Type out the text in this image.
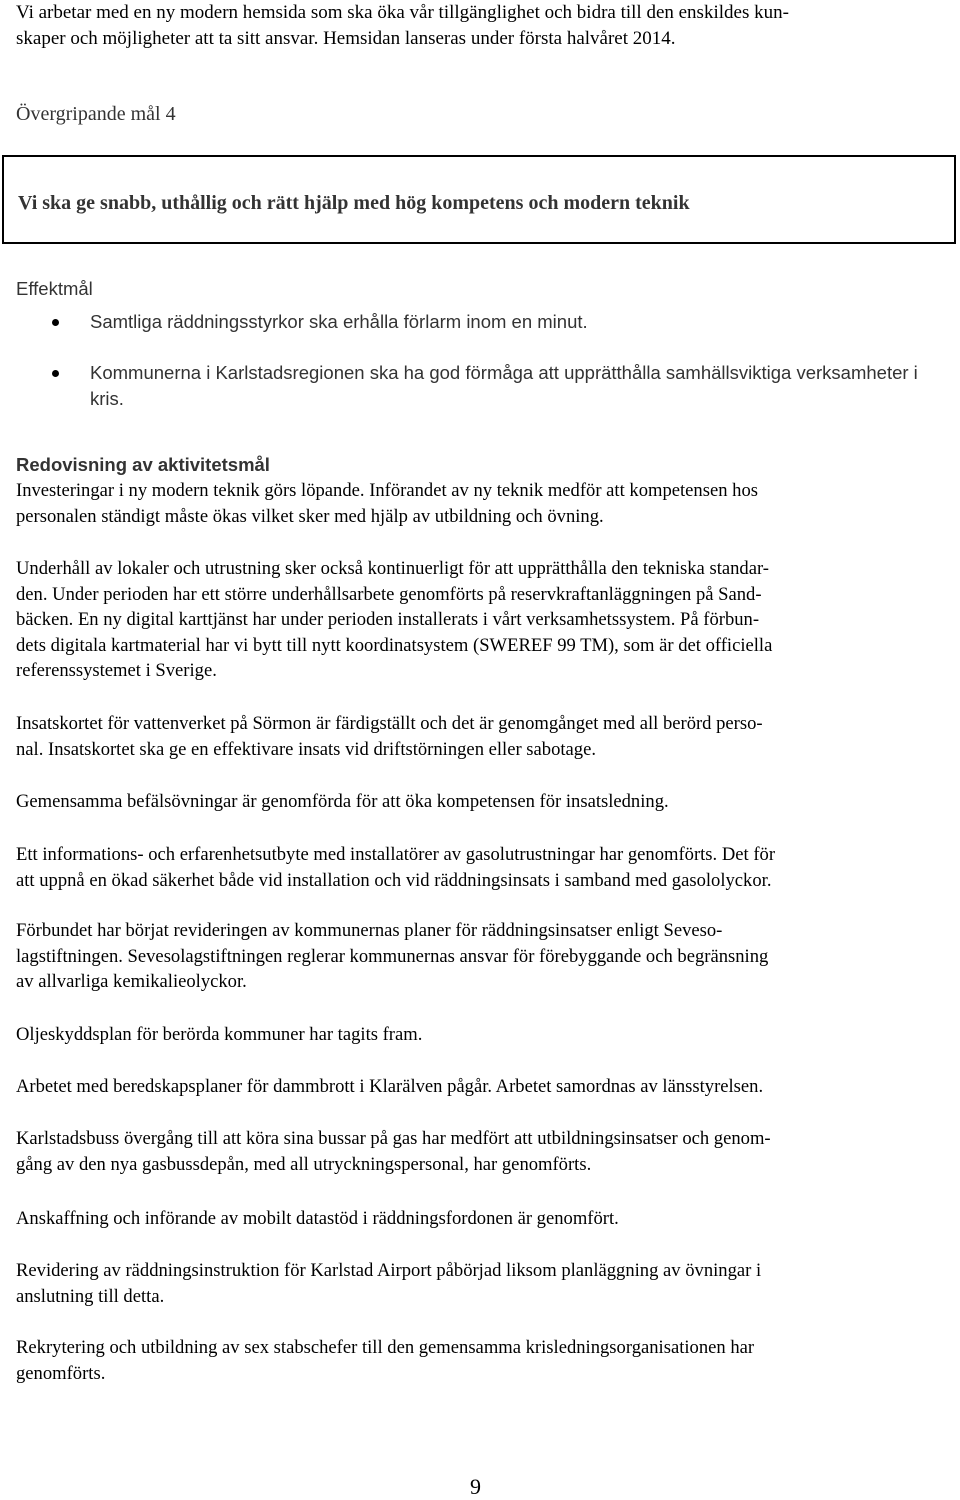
Vi arbetar med en ny modern hemsida som ska öka vår tillgänglighet och bidra till den enskildes kun-

skaper och möjligheter att ta sitt ansvar. Hemsidan lanseras under första halvåret 2014.

Övergripande mål 4
Vi ska ge snabb, uthållig och rätt hjälp med hög kompetens och modern teknik
Effektmål
Samtliga räddningsstyrkor ska erhålla förlarm inom en minut.
Kommunerna i Karlstadsregionen ska ha god förmåga att upprätthålla samhällsviktiga verksamheter i kris.
Redovisning av aktivitetsmål

Investeringar i ny modern teknik görs löpande. Införandet av ny teknik medför att kompetensen hos

personalen ständigt måste ökas vilket sker med hjälp av utbildning och övning.

Underhåll av lokaler och utrustning sker också kontinuerligt för att upprätthålla den tekniska standar-

den. Under perioden har ett större underhållsarbete genomförts på reservkraftanläggningen på Sand-

bäcken. En ny digital karttjänst har under perioden installerats i vårt verksamhetssystem. På förbun-

dets digitala kartmaterial har vi bytt till nytt koordinatsystem (SWEREF 99 TM), som är det officiella

referenssystemet i Sverige.

Insatskortet för vattenverket på Sörmon är färdigställt och det är genomgånget med all berörd perso-

nal. Insatskortet ska ge en effektivare insats vid driftstörningen eller sabotage.

Gemensamma befälsövningar är genomförda för att öka kompetensen för insatsledning.

Ett informations- och erfarenhetsutbyte med installatörer av gasolutrustningar har genomförts. Det för

att uppnå en ökad säkerhet både vid installation och vid räddningsinsats i samband med gasololyckor.

Förbundet har börjat revideringen av kommunernas planer för räddningsinsatser enligt Seveso-

lagstiftningen. Sevesolagstiftningen reglerar kommunernas ansvar för förebyggande och begränsning

av allvarliga kemikalieolyckor.

Oljeskyddsplan för berörda kommuner har tagits fram.

Arbetet med beredskapsplaner för dammbrott i Klarälven pågår. Arbetet samordnas av länsstyrelsen.

Karlstadsbuss övergång till att köra sina bussar på gas har medfört att utbildningsinsatser och genom-

gång av den nya gasbussdepån, med all utryckningspersonal, har genomförts.

Anskaffning och införande av mobilt datastöd i räddningsfordonen är genomfört.

Revidering av räddningsinstruktion för Karlstad Airport påbörjad liksom planläggning av övningar i

anslutning till detta.

Rekrytering och utbildning av sex stabschefer till den gemensamma krisledningsorganisationen har

genomförts.

9
